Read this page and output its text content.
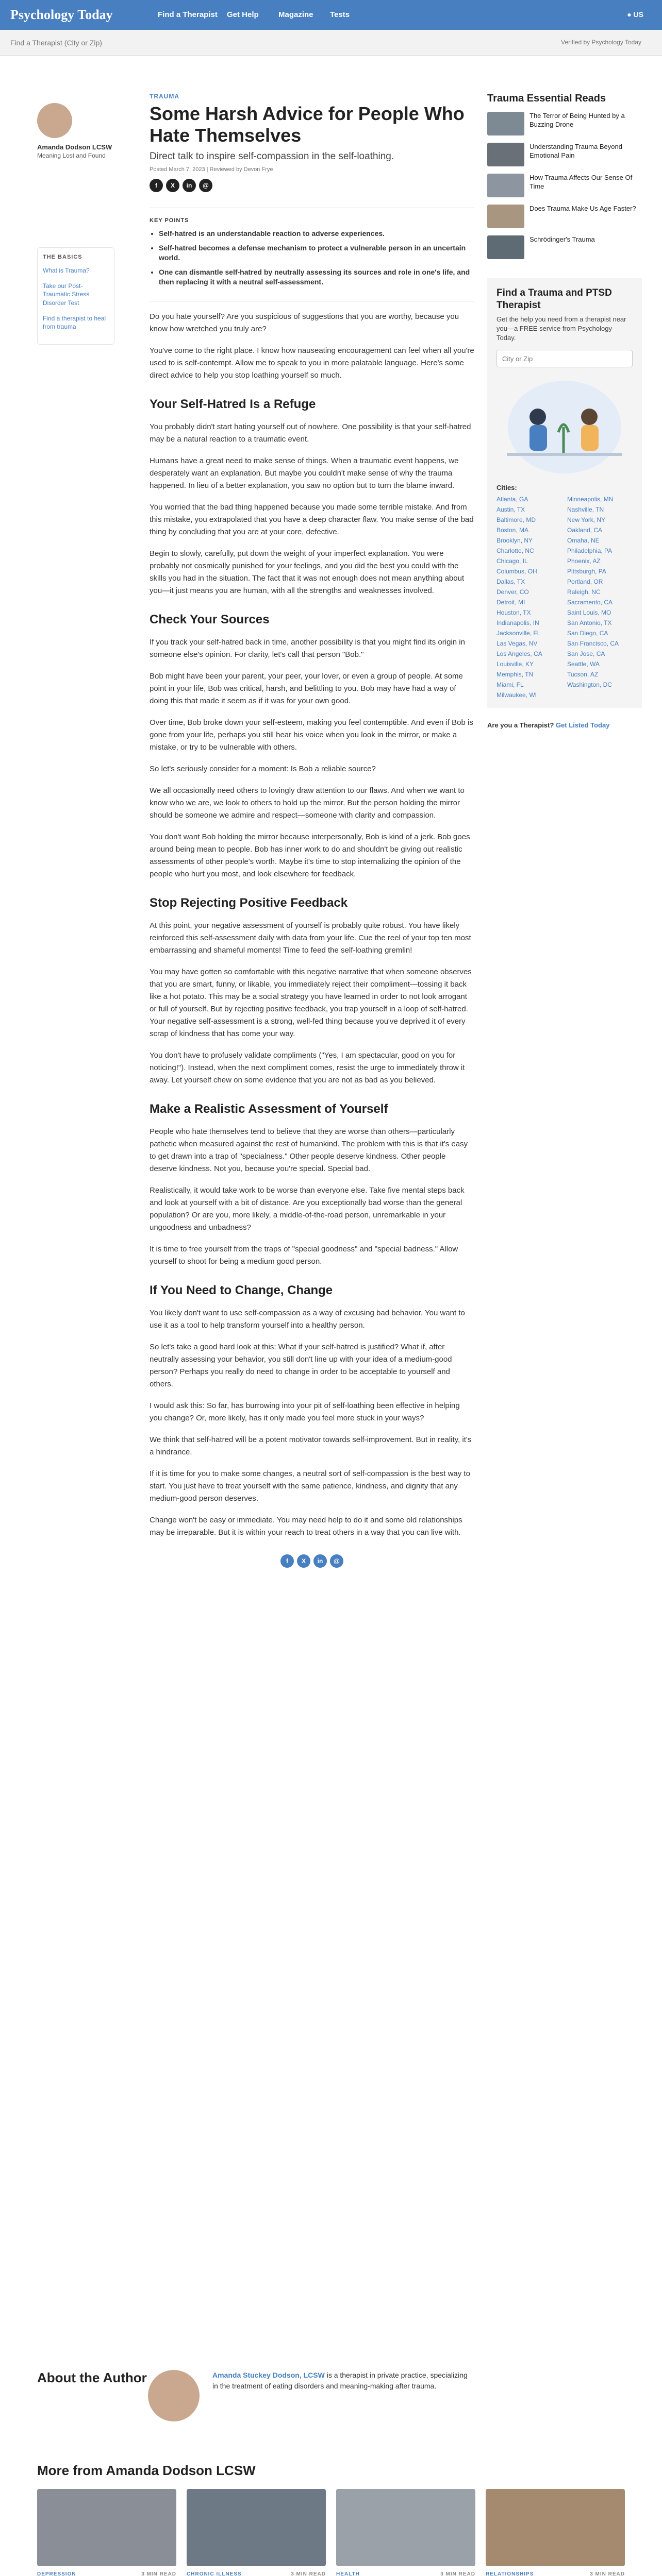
Psychology Today	Find a Therapist Get Help	Magazine Tests	● US
Find a Therapist (City or Zip)
Verified by Psychology Today
Amanda Dodson LCSW
Meaning Lost and Found
THE BASICS
What is Trauma?
Take our Post-Traumatic Stress Disorder Test
Find a therapist to heal from trauma
TRAUMA
Some Harsh Advice for People Who Hate Themselves
Direct talk to inspire self-compassion in the self-loathing.
Posted March 7, 2023 | Reviewed by Devon Frye
f	X	in	@
KEY POINTS
• Self-hatred is an understandable reaction to adverse experiences.
• Self-hatred becomes a defense mechanism to protect a vulnerable person in an uncertain world.
• One can dismantle self-hatred by neutrally assessing its sources and role in one's life, and then replacing it with a neutral self-assessment.

Do you hate yourself? Are you suspicious of suggestions that you are worthy, because you know how wretched you truly are?

You've come to the right place. I know how nauseating encouragement can feel when all you're used to is self-contempt. Allow me to speak to you in more palatable language. Here's some direct advice to help you stop loathing yourself so much.

Your Self-Hatred Is a Refuge

You probably didn't start hating yourself out of nowhere. One possibility is that your self-hatred may be a natural reaction to a traumatic event.

Humans have a great need to make sense of things. When a traumatic event happens, we desperately want an explanation. But maybe you couldn't make sense of why the trauma happened. In lieu of a better explanation, you saw no option but to turn the blame inward.

You worried that the bad thing happened because you made some terrible mistake. And from this mistake, you extrapolated that you have a deep character flaw. You make sense of the bad thing by concluding that you are at your core, defective.

Begin to slowly, carefully, put down the weight of your imperfect explanation. You were probably not cosmically punished for your feelings, and you did the best you could with the skills you had in the situation. The fact that it was not enough does not mean anything about you—it just means you are human, with all the strengths and weaknesses involved.

Check Your Sources

If you track your self-hatred back in time, another possibility is that you might find its origin in someone else's opinion. For clarity, let's call that person "Bob."

Bob might have been your parent, your peer, your lover, or even a group of people. At some point in your life, Bob was critical, harsh, and belittling to you. Bob may have had a way of doing this that made it seem as if it was for your own good.

Over time, Bob broke down your self-esteem, making you feel contemptible. And even if Bob is gone from your life, perhaps you still hear his voice when you look in the mirror, or make a mistake, or try to be vulnerable with others.

So let's seriously consider for a moment: Is Bob a reliable source?

We all occasionally need others to lovingly draw attention to our flaws. And when we want to know who we are, we look to others to hold up the mirror. But the person holding the mirror should be someone we admire and respect—someone with clarity and compassion.

You don't want Bob holding the mirror because interpersonally, Bob is kind of a jerk. Bob goes around being mean to people. Bob has inner work to do and shouldn't be giving out realistic assessments of other people's worth. Maybe it's time to stop internalizing the opinion of the people who hurt you most, and look elsewhere for feedback.

Stop Rejecting Positive Feedback

At this point, your negative assessment of yourself is probably quite robust. You have likely reinforced this self-assessment daily with data from your life. Cue the reel of your top ten most embarrassing and shameful moments! Time to feed the self-loathing gremlin!

You may have gotten so comfortable with this negative narrative that when someone observes that you are smart, funny, or likable, you immediately reject their compliment—tossing it back like a hot potato. This may be a social strategy you have learned in order to not look arrogant or full of yourself. But by rejecting positive feedback, you trap yourself in a loop of self-hatred. Your negative self-assessment is a strong, well-fed thing because you've deprived it of every scrap of kindness that has come your way.

You don't have to profusely validate compliments ("Yes, I am spectacular, good on you for noticing!"). Instead, when the next compliment comes, resist the urge to immediately throw it away. Let yourself chew on some evidence that you are not as bad as you believed.

Make a Realistic Assessment of Yourself

People who hate themselves tend to believe that they are worse than others—particularly pathetic when measured against the rest of humankind. The problem with this is that it's easy to get drawn into a trap of "specialness." Other people deserve kindness. Other people deserve kindness. Not you, because you're special. Special bad.

Realistically, it would take work to be worse than everyone else. Take five mental steps back and look at yourself with a bit of distance. Are you exceptionally bad worse than the general population? Or are you, more likely, a middle-of-the-road person, unremarkable in your ungoodness and unbadness?

It is time to free yourself from the traps of "special goodness" and "special badness." Allow yourself to shoot for being a medium good person.

If You Need to Change, Change

You likely don't want to use self-compassion as a way of excusing bad behavior. You want to use it as a tool to help transform yourself into a healthy person.

So let's take a good hard look at this: What if your self-hatred is justified? What if, after neutrally assessing your behavior, you still don't line up with your idea of a medium-good person? Perhaps you really do need to change in order to be acceptable to yourself and others.

I would ask this: So far, has burrowing into your pit of self-loathing been effective in helping you change? Or, more likely, has it only made you feel more stuck in your ways?

We think that self-hatred will be a potent motivator towards self-improvement. But in reality, it's a hindrance.

If it is time for you to make some changes, a neutral sort of self-compassion is the best way to start. You just have to treat yourself with the same patience, kindness, and dignity that any medium-good person deserves.

Change won't be easy or immediate. You may need help to do it and some old relationships may be irreparable. But it is within your reach to treat others in a way that you can live with.

f	X	in	@
Trauma Essential Reads
The Terror of Being Hunted by a Buzzing Drone
Understanding Trauma Beyond Emotional Pain
How Trauma Affects Our Sense Of Time
Does Trauma Make Us Age Faster?
Schrödinger's Trauma
Find a Trauma and PTSD Therapist
Get the help you need from a therapist near you—a FREE service from Psychology Today.
City or Zip
Cities:
Atlanta, GA	Minneapolis, MN
Austin, TX	Nashville, TN
Baltimore, MD	New York, NY
Boston, MA	Oakland, CA
Brooklyn, NY	Omaha, NE
Charlotte, NC	Philadelphia, PA
Chicago, IL	Phoenix, AZ
Columbus, OH	Pittsburgh, PA
Dallas, TX	Portland, OR
Denver, CO	Raleigh, NC
Detroit, MI	Sacramento, CA
Houston, TX	Saint Louis, MO
Indianapolis, IN	San Antonio, TX
Jacksonville, FL	San Diego, CA
Las Vegas, NV	San Francisco, CA
Los Angeles, CA	San Jose, CA
Louisville, KY	Seattle, WA
Memphis, TN	Tucson, AZ
Miami, FL	Washington, DC
Milwaukee, WI
Are you a Therapist? Get Listed Today
About the Author	Amanda Stuckey Dodson, LCSW is a therapist in private practice, specializing in the treatment of eating disorders and meaning-making after trauma.
More from Amanda Dodson LCSW
DEPRESSION	3 MIN READ CHRONIC ILLNESS	3 MIN READ HEALTH	3 MIN READ RELATIONSHIPS	3 MIN READ
